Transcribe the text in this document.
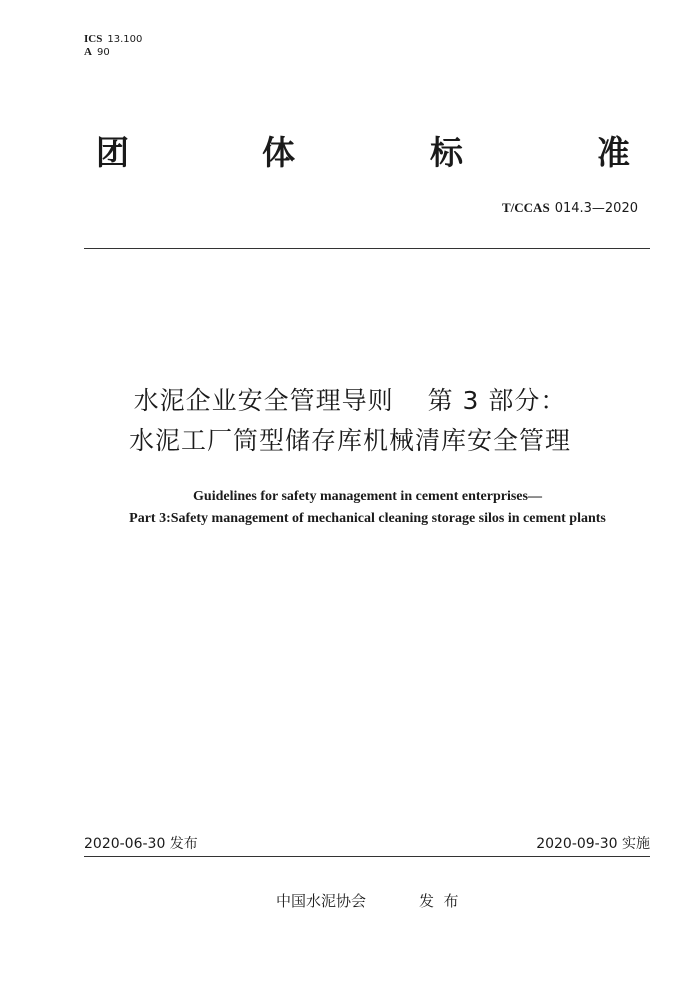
ICS 13.100
A 90
团	体	标	准
T/CCAS 014.3—2020
水泥企业安全管理导则 第 3 部分：
水泥工厂筒型储存库机械清库安全管理
Guidelines for safety management in cement enterprises—
Part 3:Safety management of mechanical cleaning storage silos in cement plants
2020-06-30 发布	2020-09-30 实施
中国水泥协会	发  布
